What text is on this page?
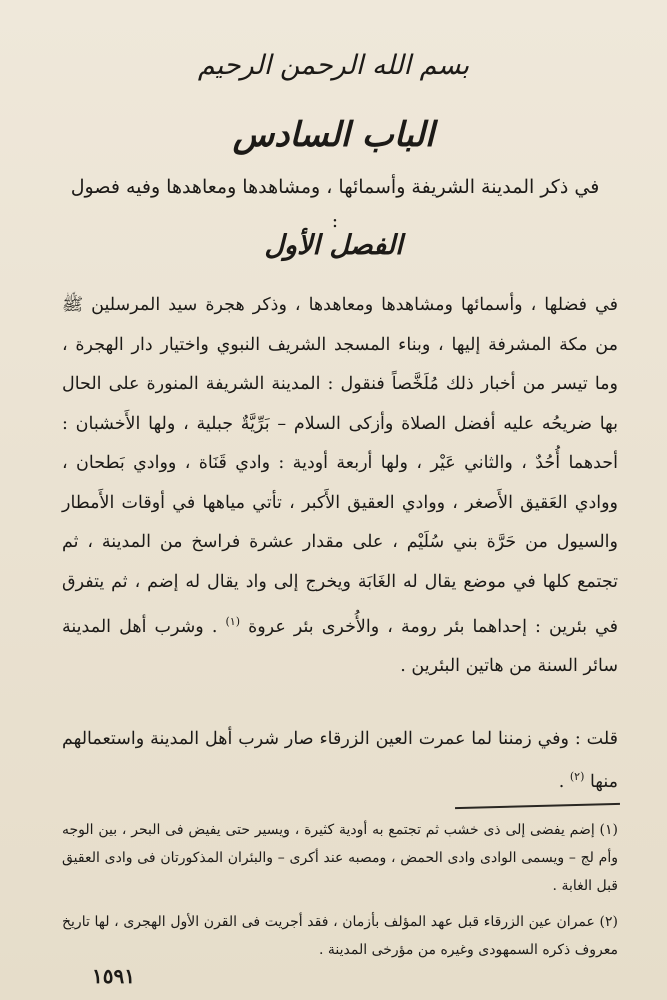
بسم الله الرحمن الرحيم
الباب السادس
في ذكر المدينة الشريفة وأسمائها ، ومشاهدها ومعاهدها وفيه فصول :
الفصل الأول

في فضلها ، وأسمائها ومشاهدها ومعاهدها ، وذكر هجرة سيد المرسلين ﷺ من مكة المشرفة إليها ، وبناء المسجد الشريف النبوي واختيار دار الهجرة ، وما تيسر من أخبار ذلك مُلَخَّصاً فنقول : المدينة الشريفة المنورة على الحال بها ضريحُه عليه أفضل الصلاة وأزكى السلام – بَرِّيَّةٌ جبلية ، ولها الأَخشبان : أحدهما أُحُدٌ ، والثاني عَيْر ، ولها أربعة أودية : وادي قَنَاة ، ووادي بَطحان ، ووادي العَقيق الأَصغر ، ووادي العقيق الأَكبر ، تأتي مياهها في أوقات الأَمطار والسيول من حَرَّة بني سُلَيْم ، على مقدار عشرة فراسخ من المدينة ، ثم تجتمع كلها في موضع يقال له الغَابَة ويخرج إلى واد يقال له إضم ، ثم يتفرق في بئرين : إحداهما بئر رومة ، والأُخرى بئر عروة $^{(١)}$ . وشرب أهل المدينة سائر السنة من هاتين البئرين .

قلت : وفي زمننا لما عمرت العين الزرقاء صار شرب أهل المدينة واستعمالهم منها $^{(٢)}$ .

(١) إضم يفضى إلى ذى خشب ثم تجتمع به أودية كثيرة ، ويسير حتى يفيض فى البحر ، بين الوجه وأم لج – ويسمى الوادى وادى الحمض ، ومصبه عند أكرى – والبئران المذكورتان فى وادى العقيق قبل الغابة .

(٢) عمران عين الزرقاء قبل عهد المؤلف بأزمان ، فقد أجريت فى القرن الأول الهجرى ، لها تاريخ معروف ذكره السمهودى وغيره من مؤرخى المدينة .

١٥٩١
